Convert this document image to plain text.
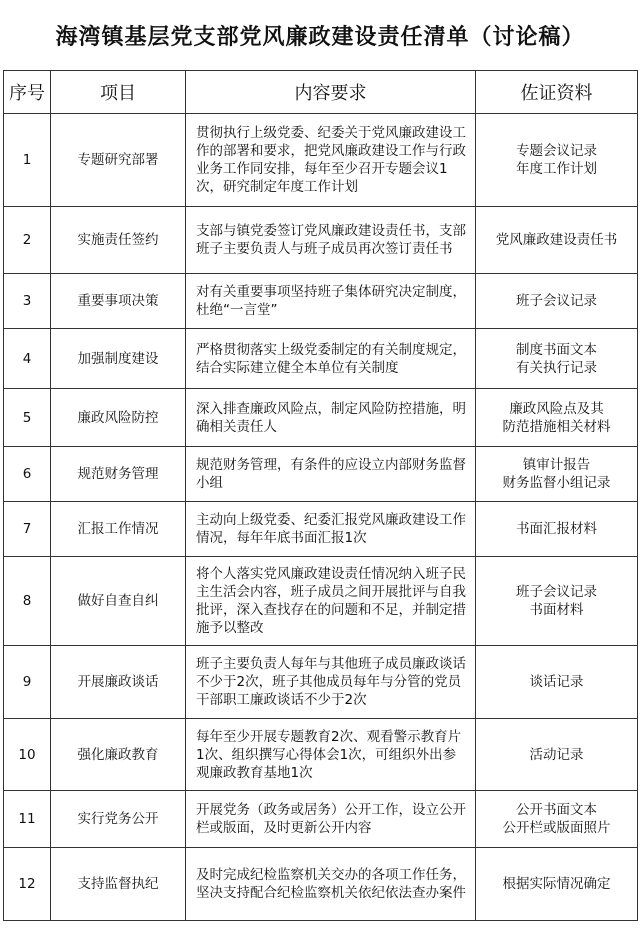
海湾镇基层党支部党风廉政建设责任清单（讨论稿）
序号	项目	内容要求	佐证资料
1	专题研究部署	贯彻执行上级党委、纪委关于党风廉政建设工作的部署和要求，把党风廉政建设工作与行政业务工作同安排，每年至少召开专题会议1次，研究制定年度工作计划	专题会议记录
年度工作计划
2	实施责任签约	支部与镇党委签订党风廉政建设责任书，支部班子主要负责人与班子成员再次签订责任书	党风廉政建设责任书
3	重要事项决策	对有关重要事项坚持班子集体研究决定制度，杜绝“一言堂”	班子会议记录
4	加强制度建设	严格贯彻落实上级党委制定的有关制度规定，结合实际建立健全本单位有关制度	制度书面文本
有关执行记录
5	廉政风险防控	深入排查廉政风险点，制定风险防控措施，明确相关责任人	廉政风险点及其
防范措施相关材料
6	规范财务管理	规范财务管理，有条件的应设立内部财务监督小组	镇审计报告
财务监督小组记录
7	汇报工作情况	主动向上级党委、纪委汇报党风廉政建设工作情况，每年年底书面汇报1次	书面汇报材料
8	做好自查自纠	将个人落实党风廉政建设责任情况纳入班子民主生活会内容，班子成员之间开展批评与自我批评，深入查找存在的问题和不足，并制定措施予以整改	班子会议记录
书面材料
9	开展廉政谈话	班子主要负责人每年与其他班子成员廉政谈话不少于2次，班子其他成员每年与分管的党员干部职工廉政谈话不少于2次	谈话记录
10	强化廉政教育	每年至少开展专题教育2次、观看警示教育片1次、组织撰写心得体会1次，可组织外出参观廉政教育基地1次	活动记录
11	实行党务公开	开展党务（政务或居务）公开工作，设立公开栏或版面，及时更新公开内容	公开书面文本
公开栏或版面照片
12	支持监督执纪	及时完成纪检监察机关交办的各项工作任务，坚决支持配合纪检监察机关依纪依法查办案件	根据实际情况确定
